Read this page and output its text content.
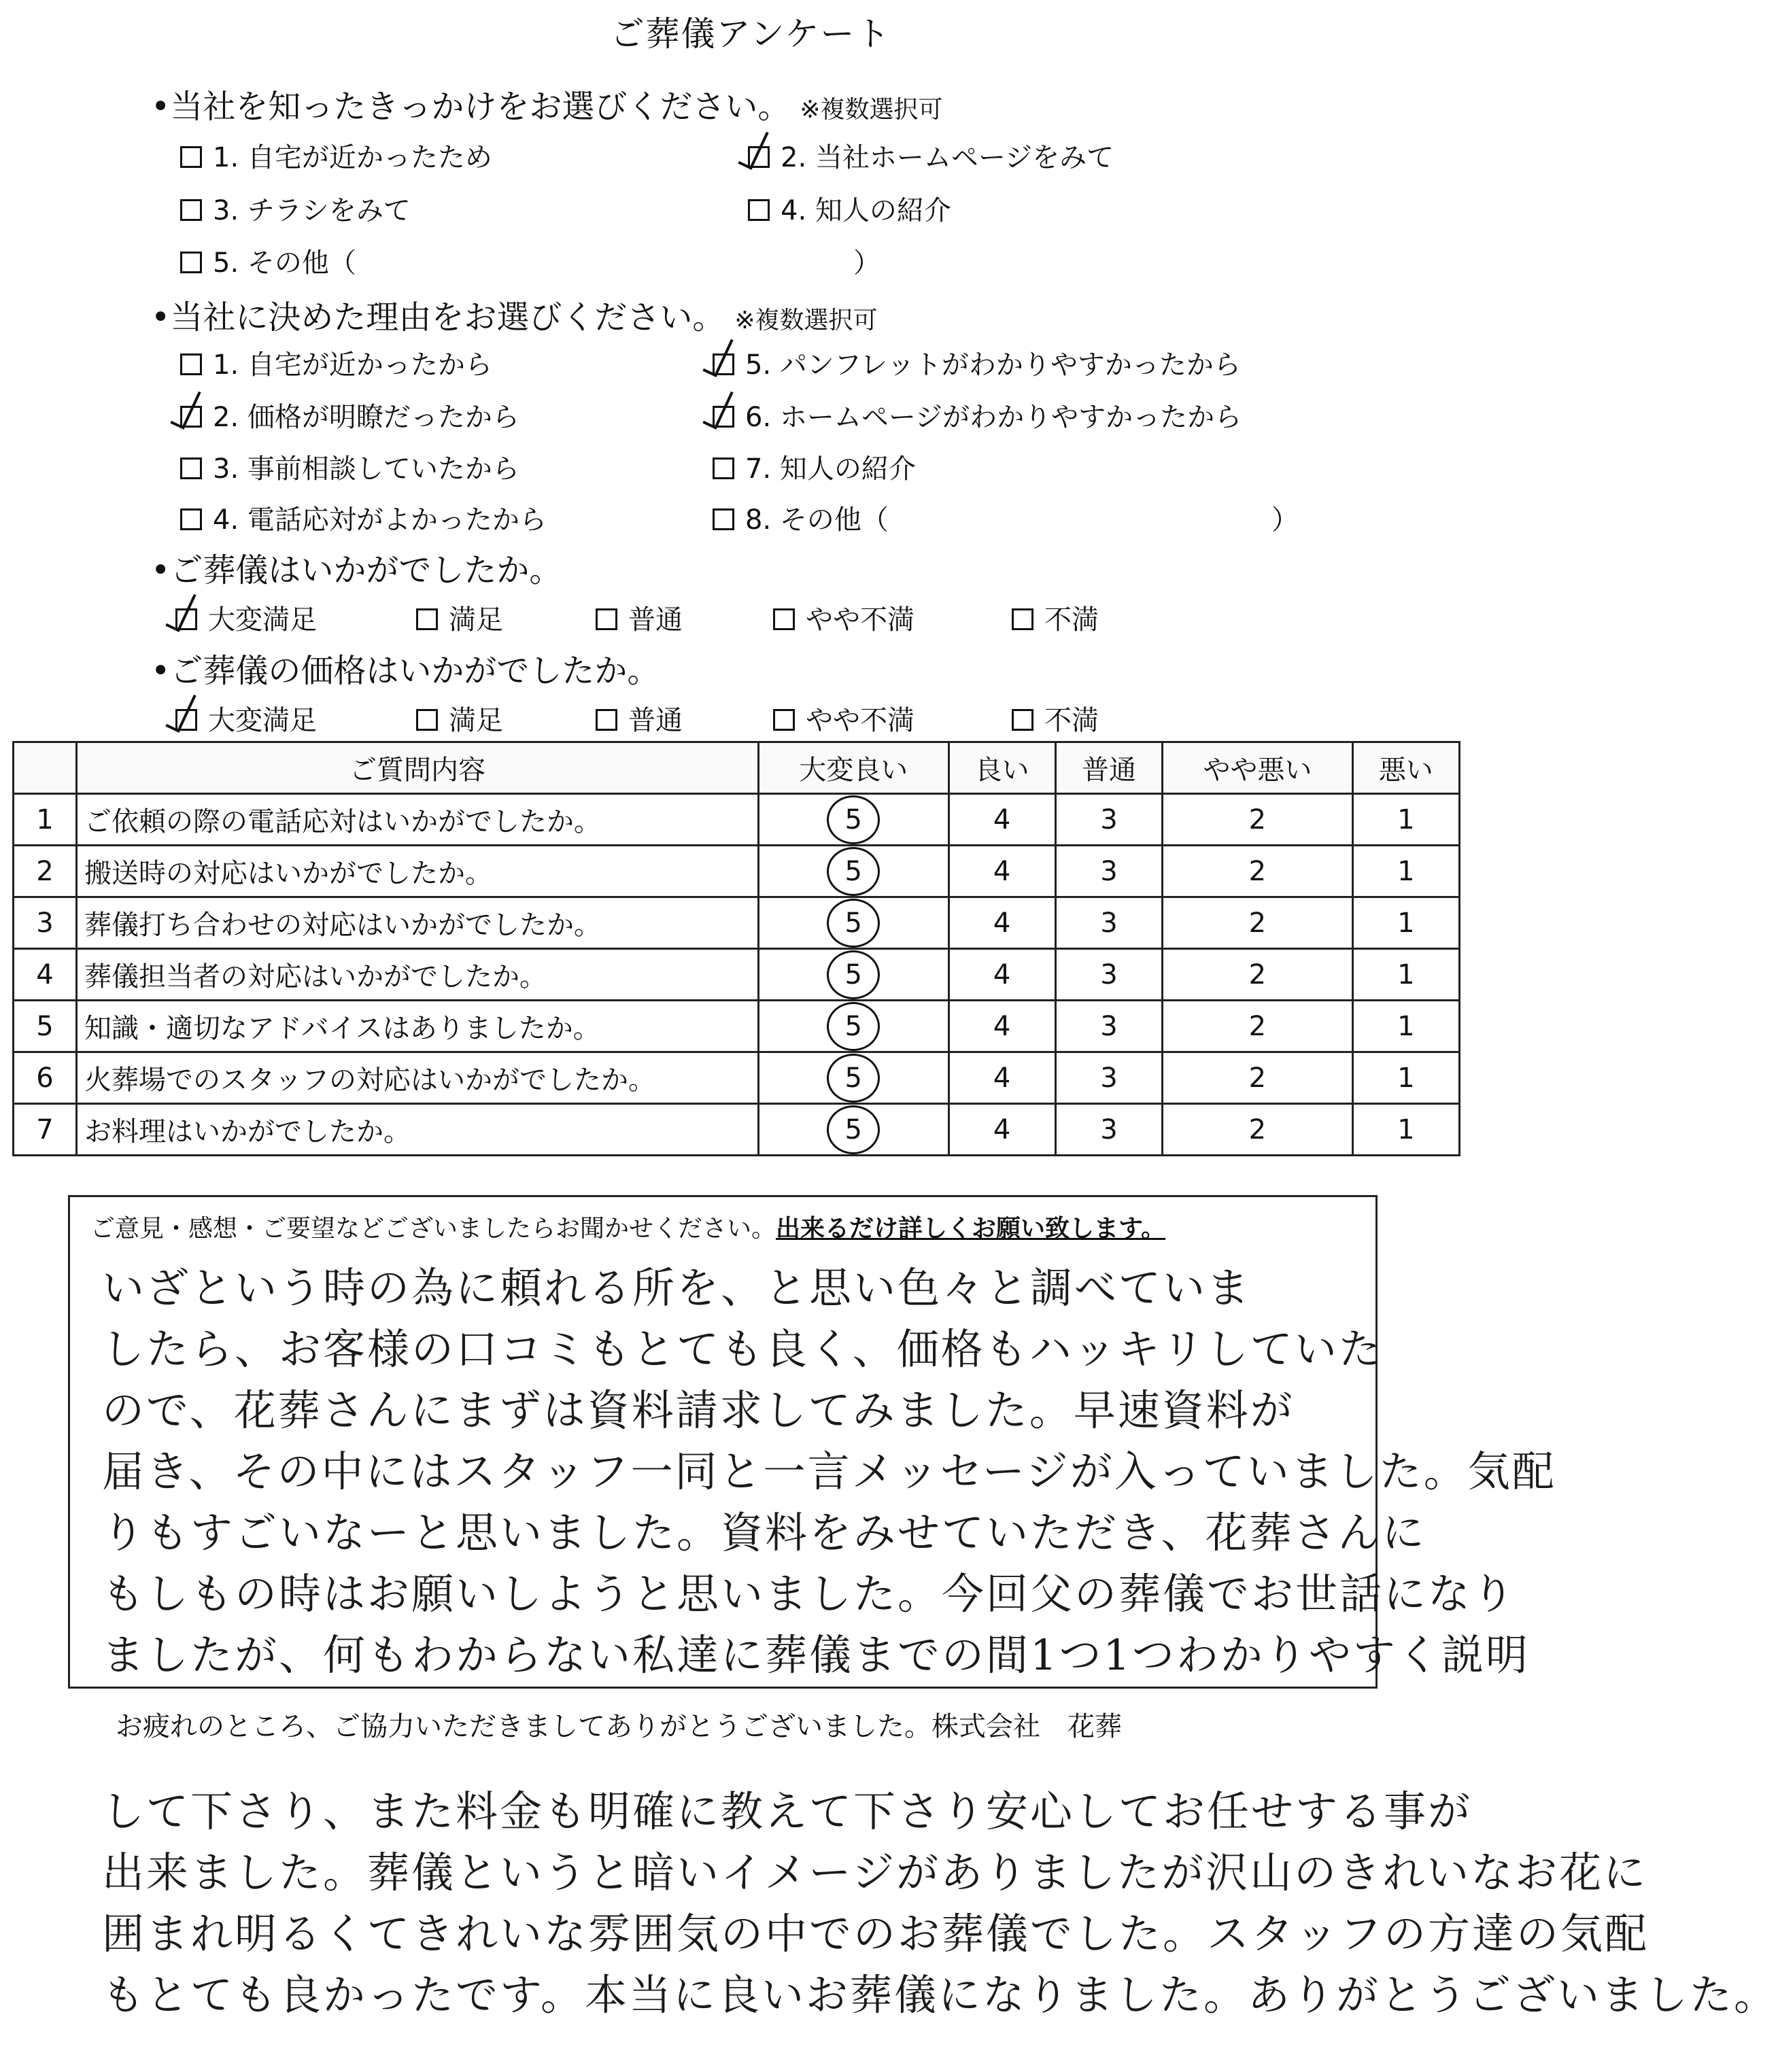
ご葬儀アンケート
•当社を知ったきっかけをお選びください。 ※複数選択可
1. 自宅が近かったため	2. 当社ホームページをみて
3. チラシをみて	4. 知人の紹介
5. その他（	）
•当社に決めた理由をお選びください。 ※複数選択可
1. 自宅が近かったから
2. 価格が明瞭だったから
3. 事前相談していたから
4. 電話応対がよかったから
5. パンフレットがわかりやすかったから
6. ホームページがわかりやすかったから
7. 知人の紹介
8. その他（	）
•ご葬儀はいかがでしたか。
大変満足	満足	普通	やや不満	不満
•ご葬儀の価格はいかがでしたか。
大変満足	満足	普通	やや不満	不満
	ご質問内容	大変良い	良い	普通	やや悪い	悪い
1	ご依頼の際の電話応対はいかがでしたか。	5	4	3	2	1
2	搬送時の対応はいかがでしたか。	5	4	3	2	1
3	葬儀打ち合わせの対応はいかがでしたか。	5	4	3	2	1
4	葬儀担当者の対応はいかがでしたか。	5	4	3	2	1
5	知識・適切なアドバイスはありましたか。	5	4	3	2	1
6	火葬場でのスタッフの対応はいかがでしたか。	5	4	3	2	1
7	お料理はいかがでしたか。	5	4	3	2	1
ご意見・感想・ご要望などございましたらお聞かせください。出来るだけ詳しくお願い致します。
いざという時の為に頼れる所を、と思い色々と調べていま
したら、お客様の口コミもとても良く、価格もハッキリしていた
ので、花葬さんにまずは資料請求してみました。早速資料が
届き、その中にはスタッフ一同と一言メッセージが入っていました。気配
りもすごいなーと思いました。資料をみせていただき、花葬さんに
もしもの時はお願いしようと思いました。今回父の葬儀でお世話になり
ましたが、何もわからない私達に葬儀までの間1つ1つわかりやすく説明
お疲れのところ、ご協力いただきましてありがとうございました。株式会社　花葬
して下さり、また料金も明確に教えて下さり安心してお任せする事が
出来ました。葬儀というと暗いイメージがありましたが沢山のきれいなお花に
囲まれ明るくてきれいな雰囲気の中でのお葬儀でした。スタッフの方達の気配
もとても良かったです。本当に良いお葬儀になりました。ありがとうございました。
